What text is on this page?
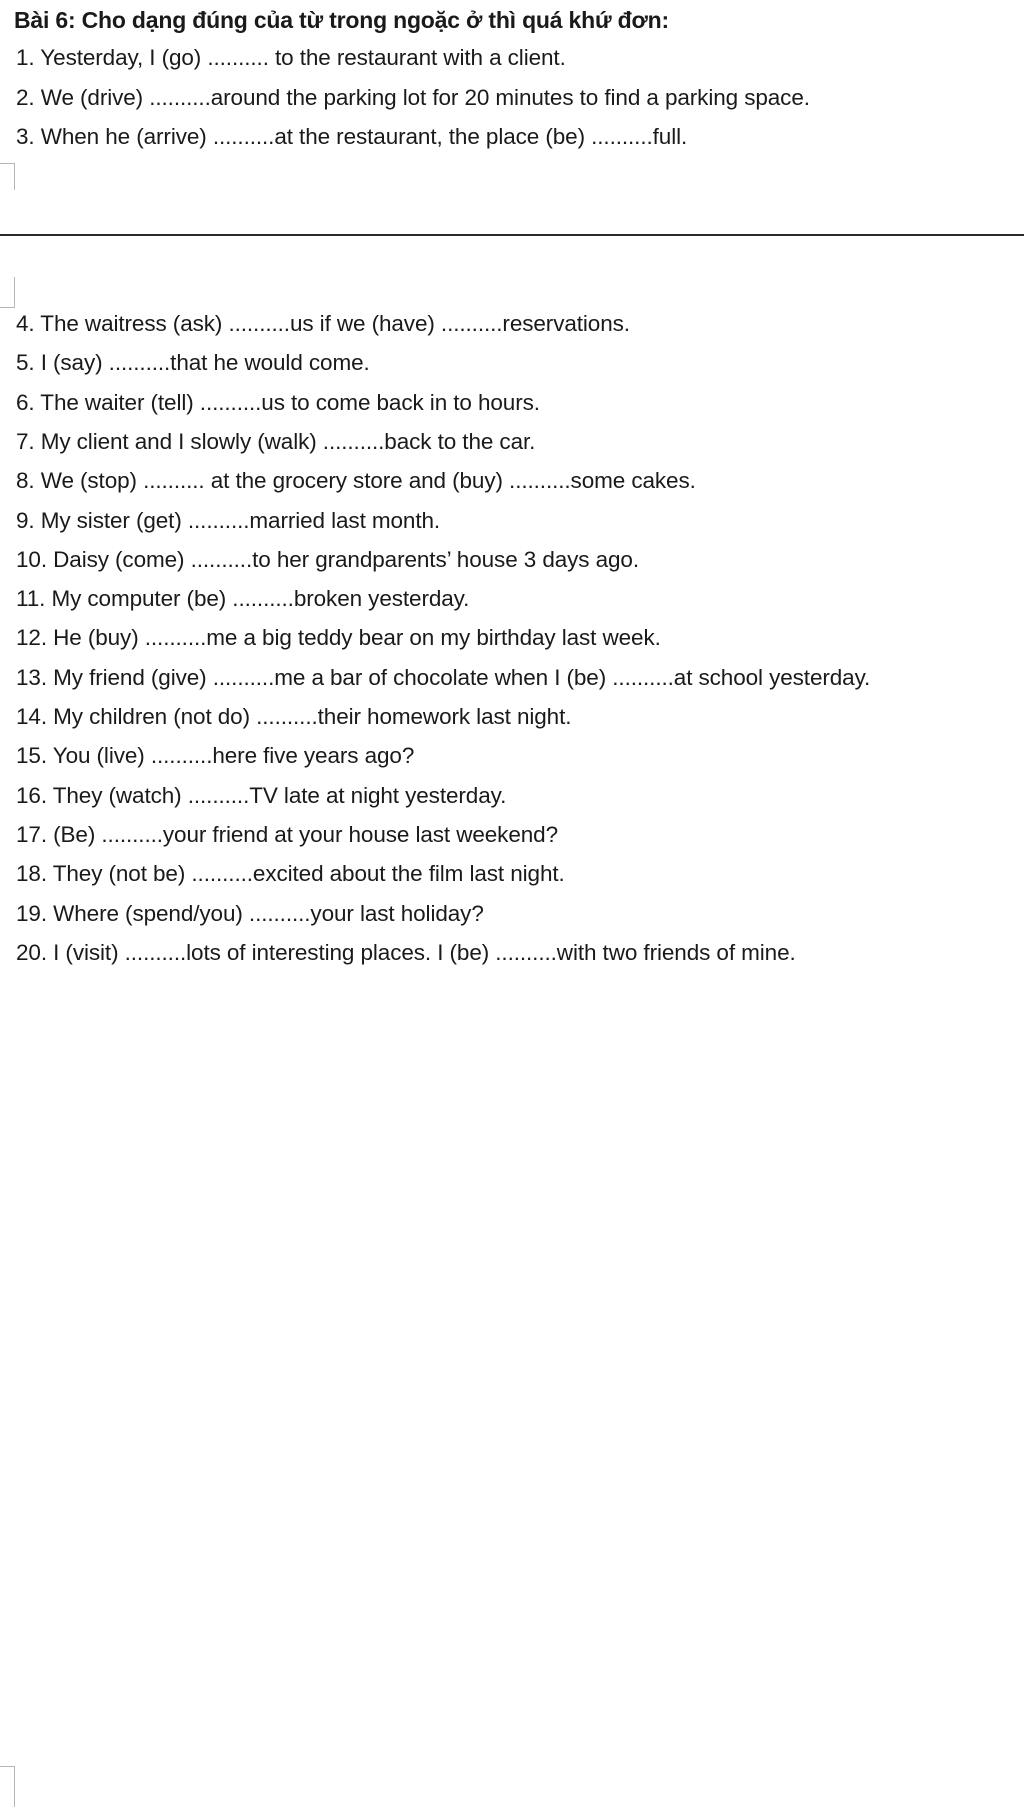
Bài 6: Cho dạng đúng của từ trong ngoặc ở thì quá khứ đơn:
1. Yesterday, I (go) .......... to the restaurant with a client.
2. We (drive) ..........around the parking lot for 20 minutes to find a parking space.
3. When he (arrive) ..........at the restaurant, the place (be) ..........full.
4. The waitress (ask) ..........us if we (have) ..........reservations.
5. I (say) ..........that he would come.
6. The waiter (tell) ..........us to come back in to hours.
7. My client and I slowly (walk) ..........back to the car.
8. We (stop) .......... at the grocery store and (buy) ..........some cakes.
9. My sister (get) ..........married last month.
10. Daisy (come) ..........to her grandparents’ house 3 days ago.
11. My computer (be) ..........broken yesterday.
12. He (buy) ..........me a big teddy bear on my birthday last week.
13. My friend (give) ..........me a bar of chocolate when I (be) ..........at school yesterday.
14. My children (not do) ..........their homework last night.
15. You (live) ..........here five years ago?
16. They (watch) ..........TV late at night yesterday.
17. (Be) ..........your friend at your house last weekend?
18. They (not be) ..........excited about the film last night.
19. Where (spend/you) ..........your last holiday?
20. I (visit) ..........lots of interesting places. I (be) ..........with two friends of mine.
